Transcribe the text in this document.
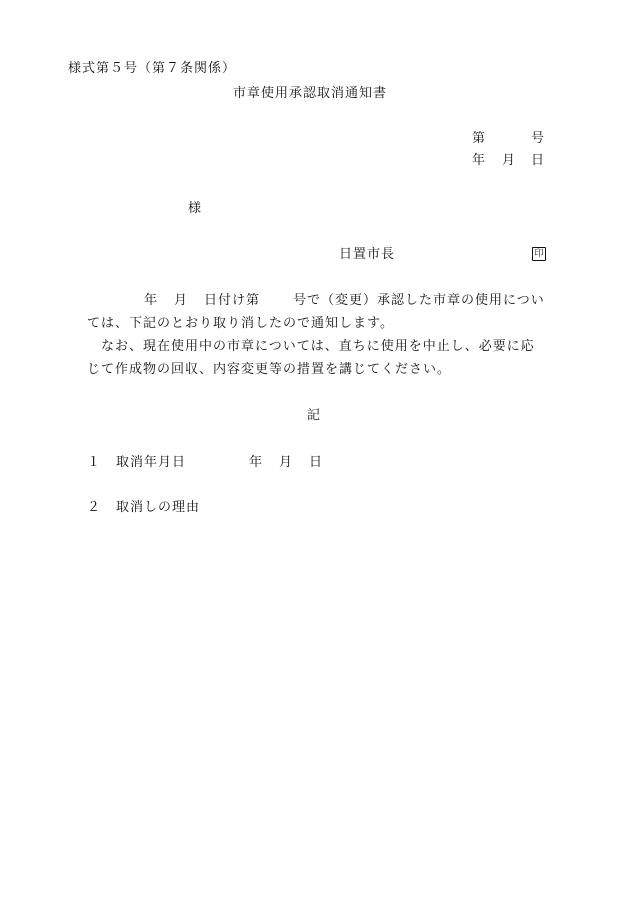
様式第５号（第７条関係）
市章使用承認取消通知書
第	号
年 月 日
様
日置市長	印
年 月 日付け第	号で（変更）承認した市章の使用につい
ては、下記のとおり取り消したので通知します。
なお、現在使用中の市章については、直ちに使用を中止し、必要に応
じて作成物の回収、内容変更等の措置を講じてください。
記
１ 取消年月日	年 月 日
２ 取消しの理由
